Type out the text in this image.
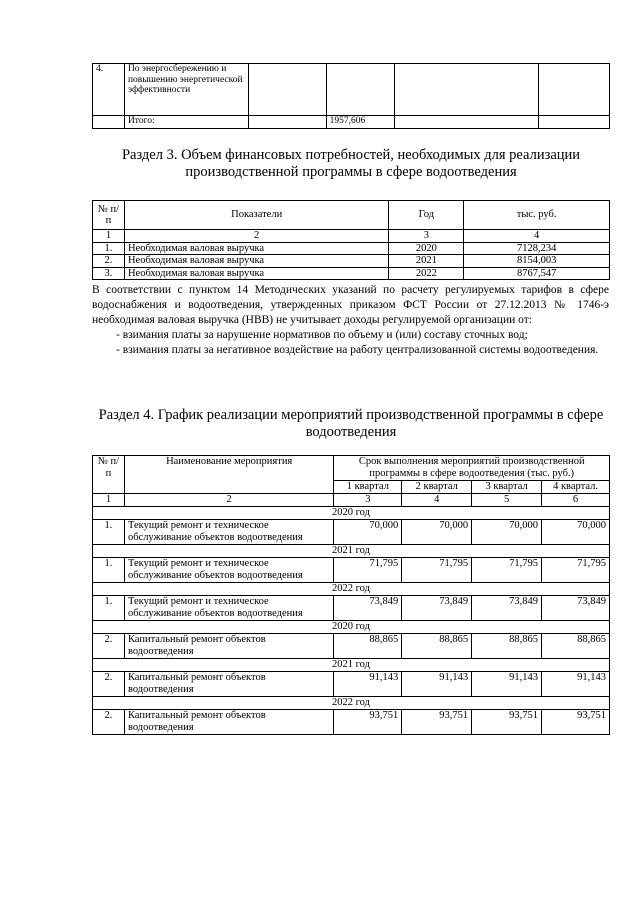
4.	По энергосбережению и повышению энергетической эффективности				
	Итого:		1957,606		
Раздел 3. Объем финансовых потребностей, необходимых для реализации производственной программы в сфере водоотведения
№ п/п	Показатели	Год	тыс. руб.
1	2	3	4
1.	Необходимая валовая выручка	2020	7128,234
2.	Необходимая валовая выручка	2021	8154,003
3.	Необходимая валовая выручка	2022	8767,547

В соответствии с пунктом 14 Методических указаний по расчету регулируемых тарифов в сфере водоснабжения и водоотведения, утвержденных приказом ФСТ России от 27.12.2013 № 1746-э необходимая валовая выручка (НВВ) не учитывает доходы регулируемой организации от:

- взимания платы за нарушение нормативов по объему и (или) составу сточных вод;

- взимания платы за негативное воздействие на работу централизованной системы водоотведения.

Раздел 4. График реализации мероприятий производственной программы в сфере водоотведения
№ п/п	Наименование мероприятия	Срок выполнения мероприятий производственной программы в сфере водоотведения (тыс. руб.)			
		1 квартал	2 квартал	3 квартал	4 квартал.
1	2	3	4	5	6
2020 год					
1.	Текущий ремонт и техническое обслуживание объектов водоотведения	70,000	70,000	70,000	70,000
2021 год					
1.	Текущий ремонт и техническое обслуживание объектов водоотведения	71,795	71,795	71,795	71,795
2022 год					
1.	Текущий ремонт и техническое обслуживание объектов водоотведения	73,849	73,849	73,849	73,849
2020 год					
2.	Капитальный ремонт объектов водоотведения	88,865	88,865	88,865	88,865
2021 год					
2.	Капитальный ремонт объектов водоотведения	91,143	91,143	91,143	91,143
2022 год					
2.	Капитальный ремонт объектов водоотведения	93,751	93,751	93,751	93,751
